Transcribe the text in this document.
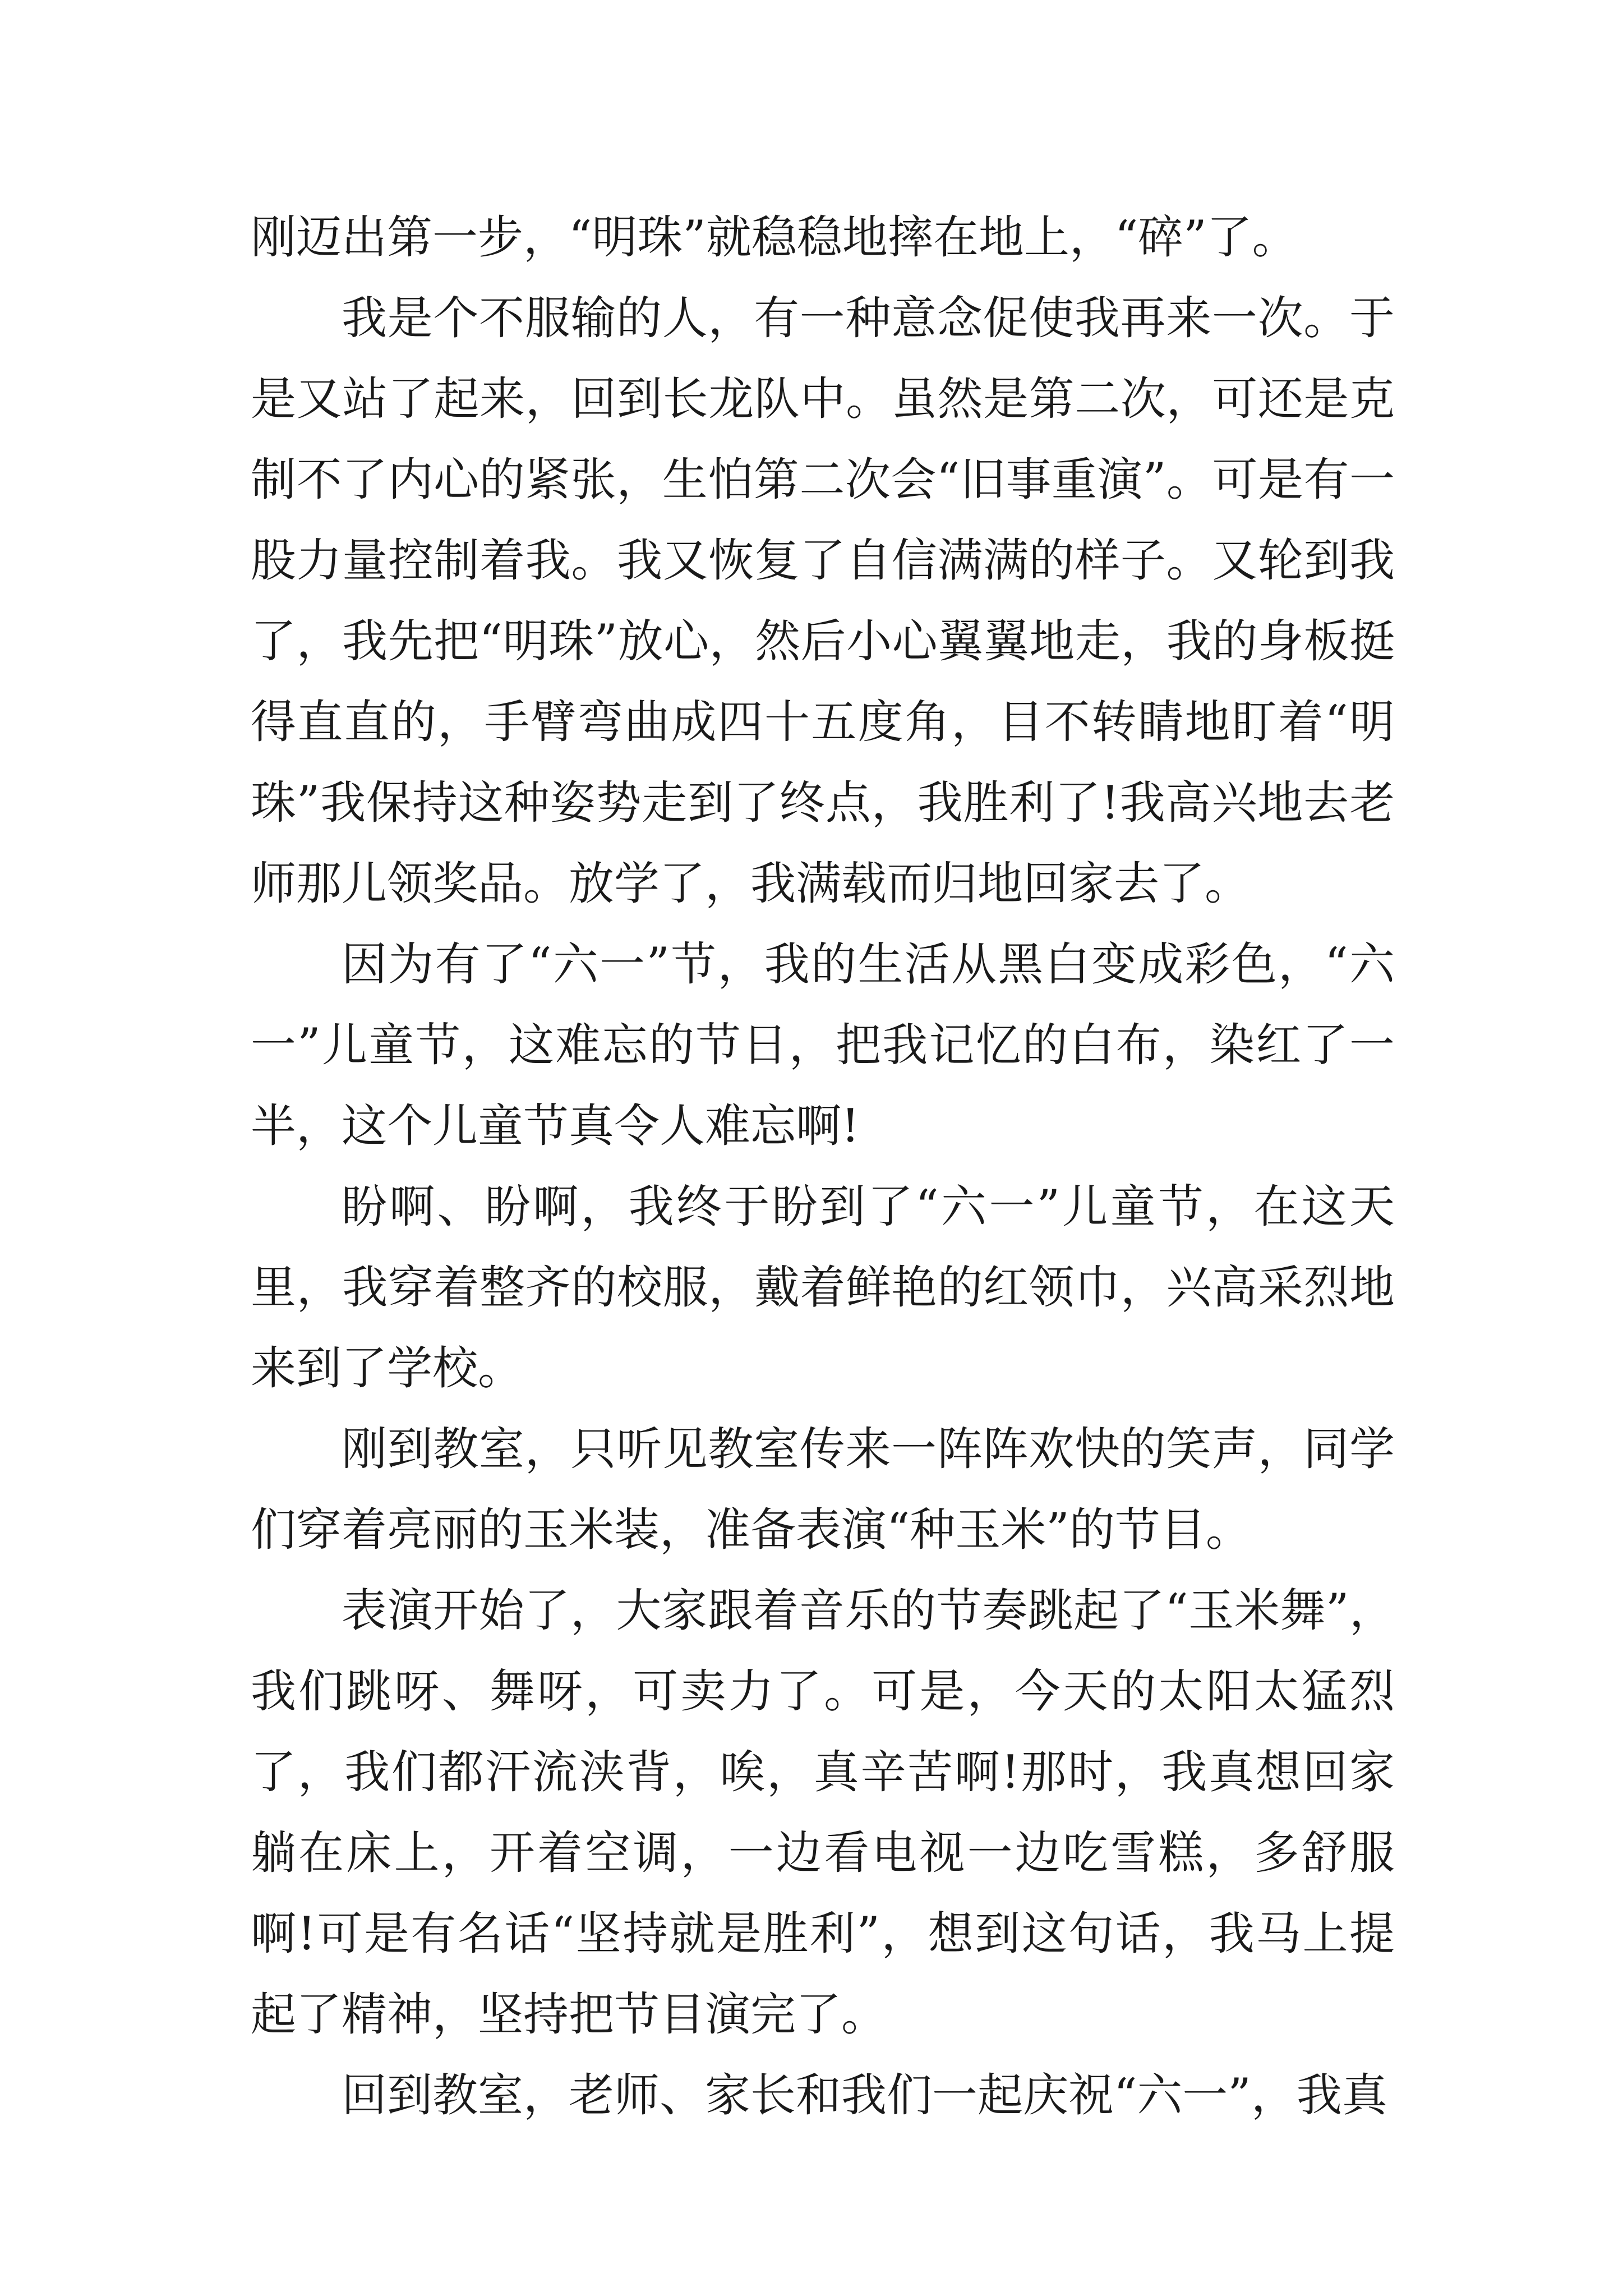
刚迈出第一步，“明珠”就稳稳地摔在地上，“碎”了。

我是个不服输的人，有一种意念促使我再来一次。于是又站了起来，回到长龙队中。虽然是第二次，可还是克制不了内心的紧张，生怕第二次会“旧事重演”。可是有一股力量控制着我。我又恢复了自信满满的样子。又轮到我了，我先把“明珠”放心，然后小心翼翼地走，我的身板挺得直直的，手臂弯曲成四十五度角，目不转睛地盯着“明珠”我保持这种姿势走到了终点，我胜利了!我高兴地去老师那儿领奖品。放学了，我满载而归地回家去了。

因为有了“六一”节，我的生活从黑白变成彩色，“六一”儿童节，这难忘的节日，把我记忆的白布，染红了一半，这个儿童节真令人难忘啊!

盼啊、盼啊，我终于盼到了“六一”儿童节，在这天里，我穿着整齐的校服，戴着鲜艳的红领巾，兴高采烈地来到了学校。

刚到教室，只听见教室传来一阵阵欢快的笑声，同学们穿着亮丽的玉米装，准备表演“种玉米”的节目。

表演开始了，大家跟着音乐的节奏跳起了“玉米舞”，我们跳呀、舞呀，可卖力了。可是，今天的太阳太猛烈了，我们都汗流浃背，唉，真辛苦啊!那时，我真想回家躺在床上，开着空调，一边看电视一边吃雪糕，多舒服啊!可是有名话“坚持就是胜利”，想到这句话，我马上提起了精神，坚持把节目演完了。

回到教室，老师、家长和我们一起庆祝“六一”，我真
